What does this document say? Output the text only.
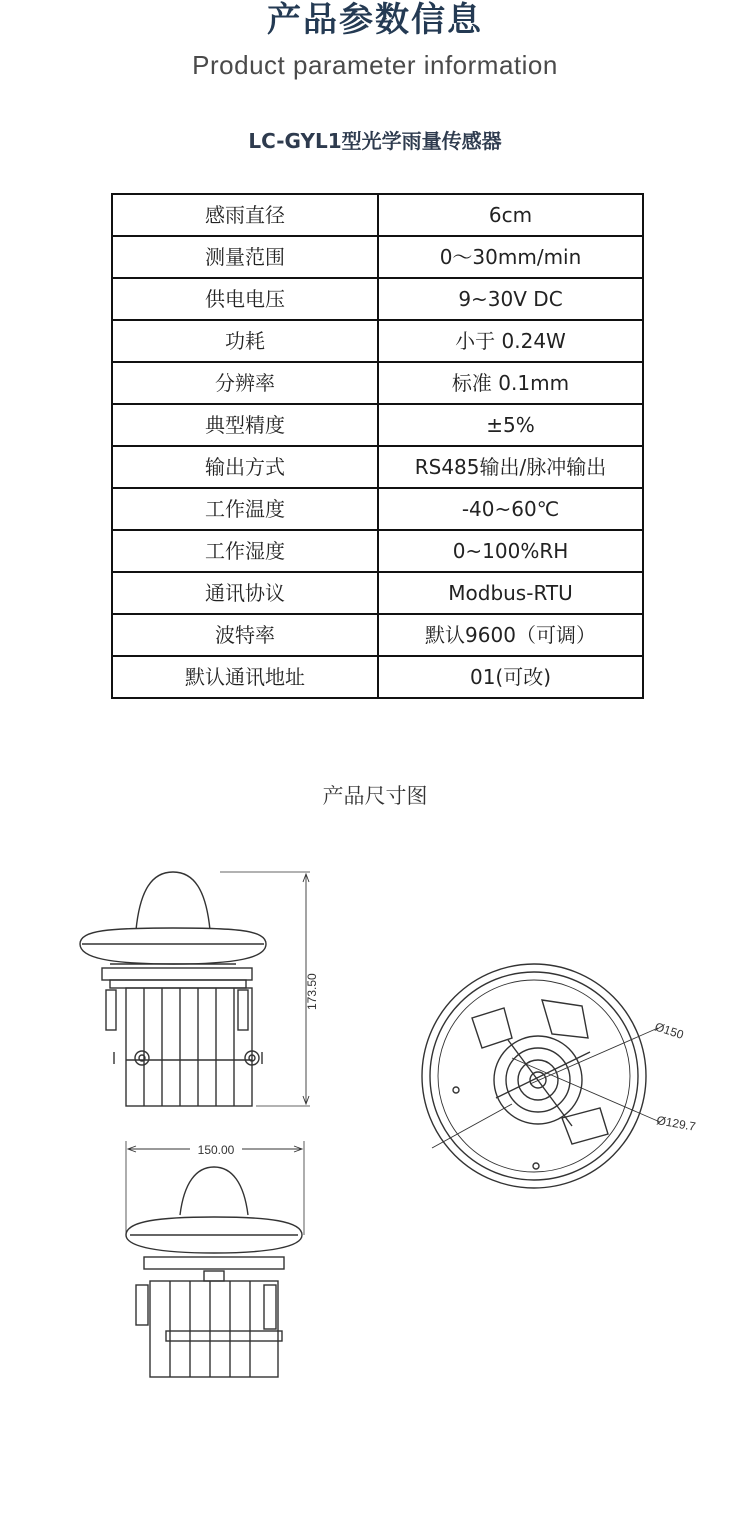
产品参数信息
Product parameter information
LC-GYL1型光学雨量传感器
感雨直径	6cm
测量范围	0～30mm/min
供电电压	9~30V DC
功耗	小于 0.24W
分辨率	标准 0.1mm
典型精度	±5%
输出方式	RS485输出/脉冲输出
工作温度	-40~60℃
工作湿度	0~100%RH
通讯协议	Modbus-RTU
波特率	默认9600（可调）
默认通讯地址	01(可改)
产品尺寸图
173.50
150.00
Ø150
Ø129.7
